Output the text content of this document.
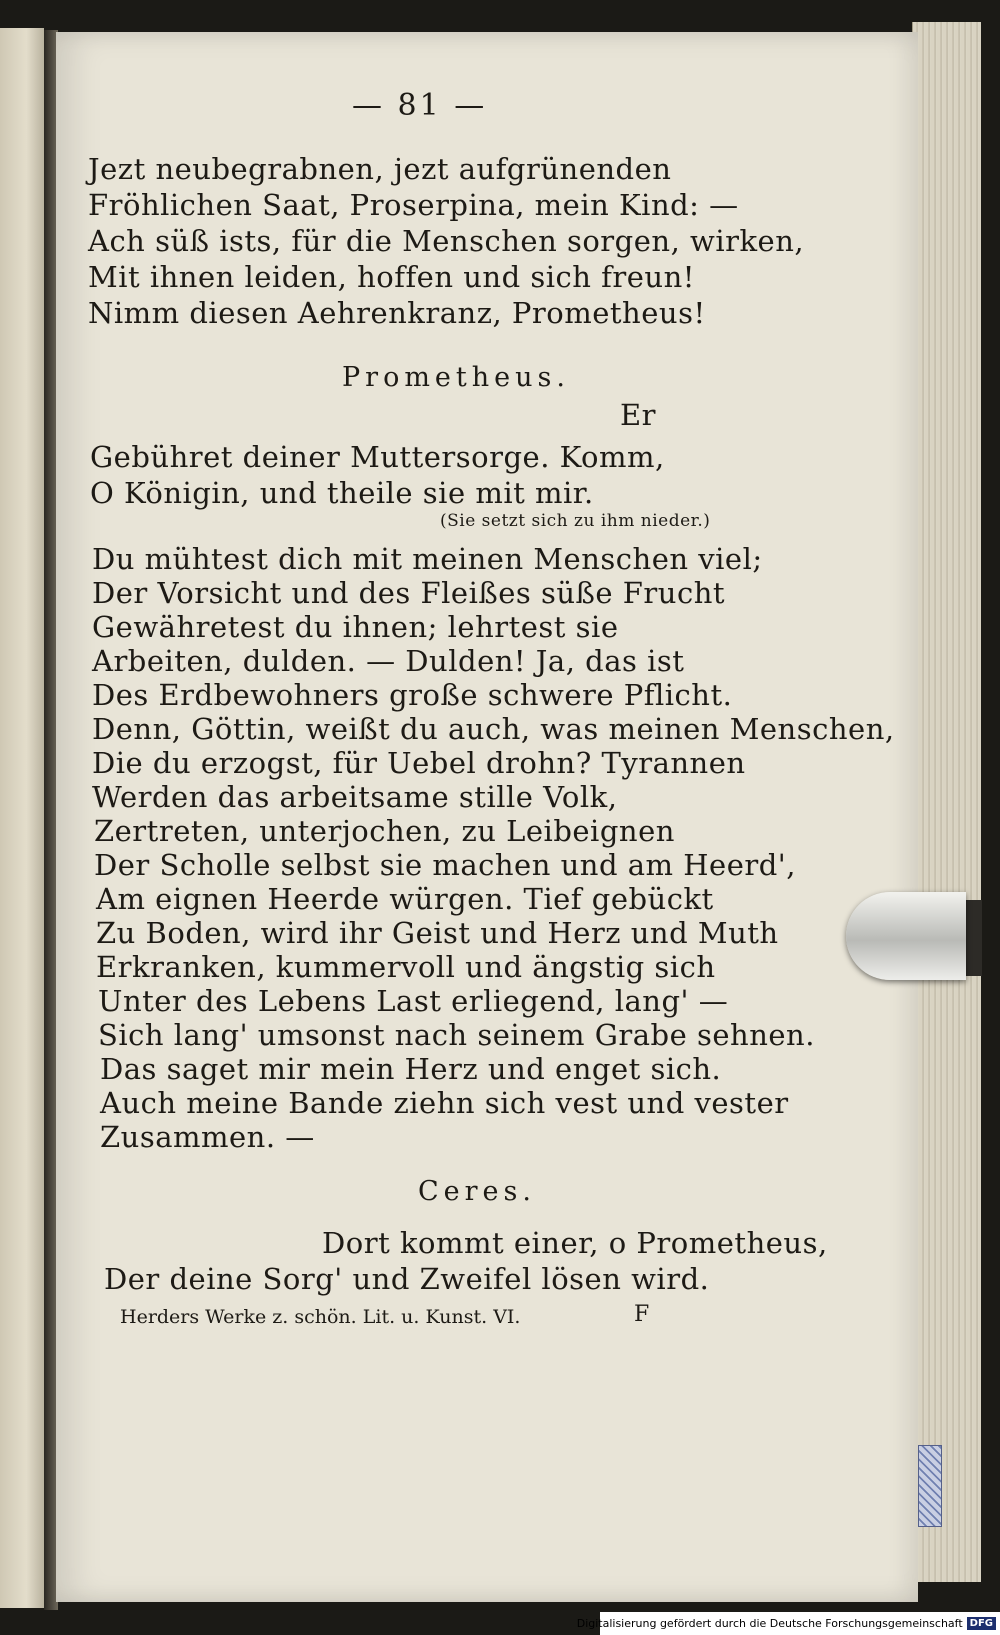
— 81 —
Jezt neubegrabnen, jezt aufgrünenden
Fröhlichen Saat, Proserpina, mein Kind: —
Ach süß ists, für die Menschen sorgen, wirken,
Mit ihnen leiden, hoffen und sich freun!
Nimm diesen Aehrenkranz, Prometheus!
Prometheus.
Er
Gebühret deiner Muttersorge. Komm,
O Königin, und theile sie mit mir.
(Sie setzt sich zu ihm nieder.)
Du mühtest dich mit meinen Menschen viel;
Der Vorsicht und des Fleißes süße Frucht
Gewähretest du ihnen; lehrtest sie
Arbeiten, dulden. — Dulden! Ja, das ist
Des Erdbewohners große schwere Pflicht.
Denn, Göttin, weißt du auch, was meinen Menschen,
Die du erzogst, für Uebel drohn? Tyrannen
Werden das arbeitsame stille Volk,
Zertreten, unterjochen, zu Leibeignen
Der Scholle selbst sie machen und am Heerd',
Am eignen Heerde würgen. Tief gebückt
Zu Boden, wird ihr Geist und Herz und Muth
Erkranken, kummervoll und ängstig sich
Unter des Lebens Last erliegend, lang' —
Sich lang' umsonst nach seinem Grabe sehnen.
Das saget mir mein Herz und enget sich.
Auch meine Bande ziehn sich vest und vester
Zusammen. —
Ceres.
Dort kommt einer, o Prometheus,
Der deine Sorg' und Zweifel lösen wird.
Herders Werke z. schön. Lit. u. Kunst. VI.	F
Digitalisierung gefördert durch die Deutsche Forschungsgemeinschaft DFG
